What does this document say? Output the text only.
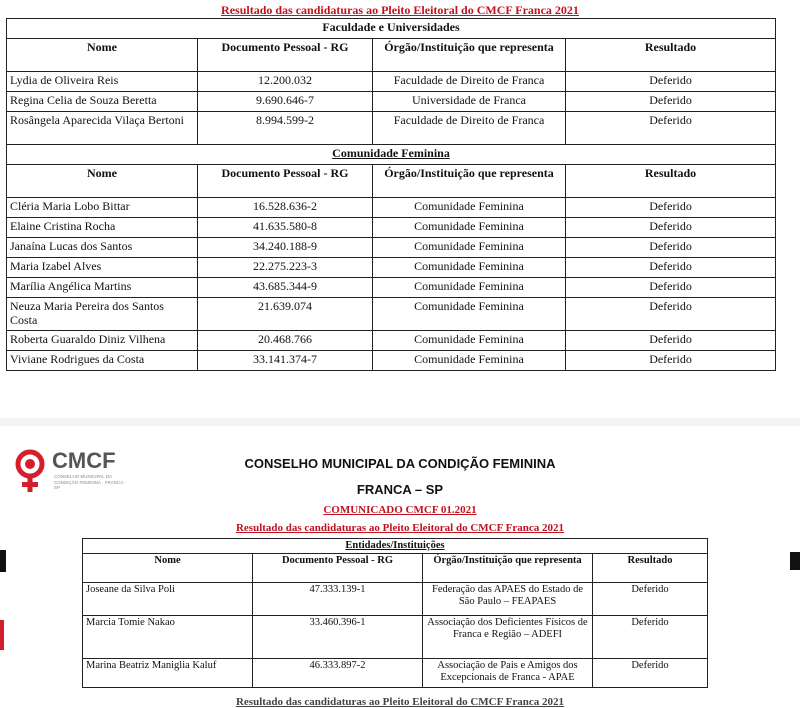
Resultado das candidaturas ao Pleito Eleitoral do CMCF Franca 2021
Faculdade e Universidades			
Nome	Documento Pessoal - RG	Órgão/Instituição que representa	Resultado
Lydia de Oliveira Reis	12.200.032	Faculdade de Direito de Franca	Deferido
Regina Celia de Souza Beretta	9.690.646-7	Universidade de Franca	Deferido
Rosângela Aparecida Vilaça Bertoni	8.994.599-2	Faculdade de Direito de Franca	Deferido
Comunidade Feminina			
Nome	Documento Pessoal - RG	Órgão/Instituição que representa	Resultado
Cléria Maria Lobo Bittar	16.528.636-2	Comunidade Feminina	Deferido
Elaine Cristina Rocha	41.635.580-8	Comunidade Feminina	Deferido
Janaína Lucas dos Santos	34.240.188-9	Comunidade Feminina	Deferido
Maria Izabel Alves	22.275.223-3	Comunidade Feminina	Deferido
Marília Angélica Martins	43.685.344-9	Comunidade Feminina	Deferido
Neuza Maria Pereira dos Santos Costa	21.639.074	Comunidade Feminina	Deferido
Roberta Guaraldo Diniz Vilhena	20.468.766	Comunidade Feminina	Deferido
Viviane Rodrigues da Costa	33.141.374-7	Comunidade Feminina	Deferido
CMCF
CONSELHO MUNICIPAL DA CONDIÇÃO FEMININA · FRANCA - SP
CONSELHO MUNICIPAL DA CONDIÇÃO FEMININA
FRANCA – SP
COMUNICADO CMCF 01.2021
Resultado das candidaturas ao Pleito Eleitoral do CMCF Franca 2021
Entidades/Instituições			
Nome	Documento Pessoal - RG	Órgão/Instituição que representa	Resultado
Joseane da Silva Poli	47.333.139-1	Federação das APAES do Estado de São Paulo – FEAPAES	Deferido
Marcia Tomie Nakao	33.460.396-1	Associação dos Deficientes Físicos de Franca e Região – ADEFI	Deferido
Marina Beatriz Maniglia Kaluf	46.333.897-2	Associação de Pais e Amigos dos Excepcionais de Franca - APAE	Deferido
Resultado das candidaturas ao Pleito Eleitoral do CMCF Franca 2021
